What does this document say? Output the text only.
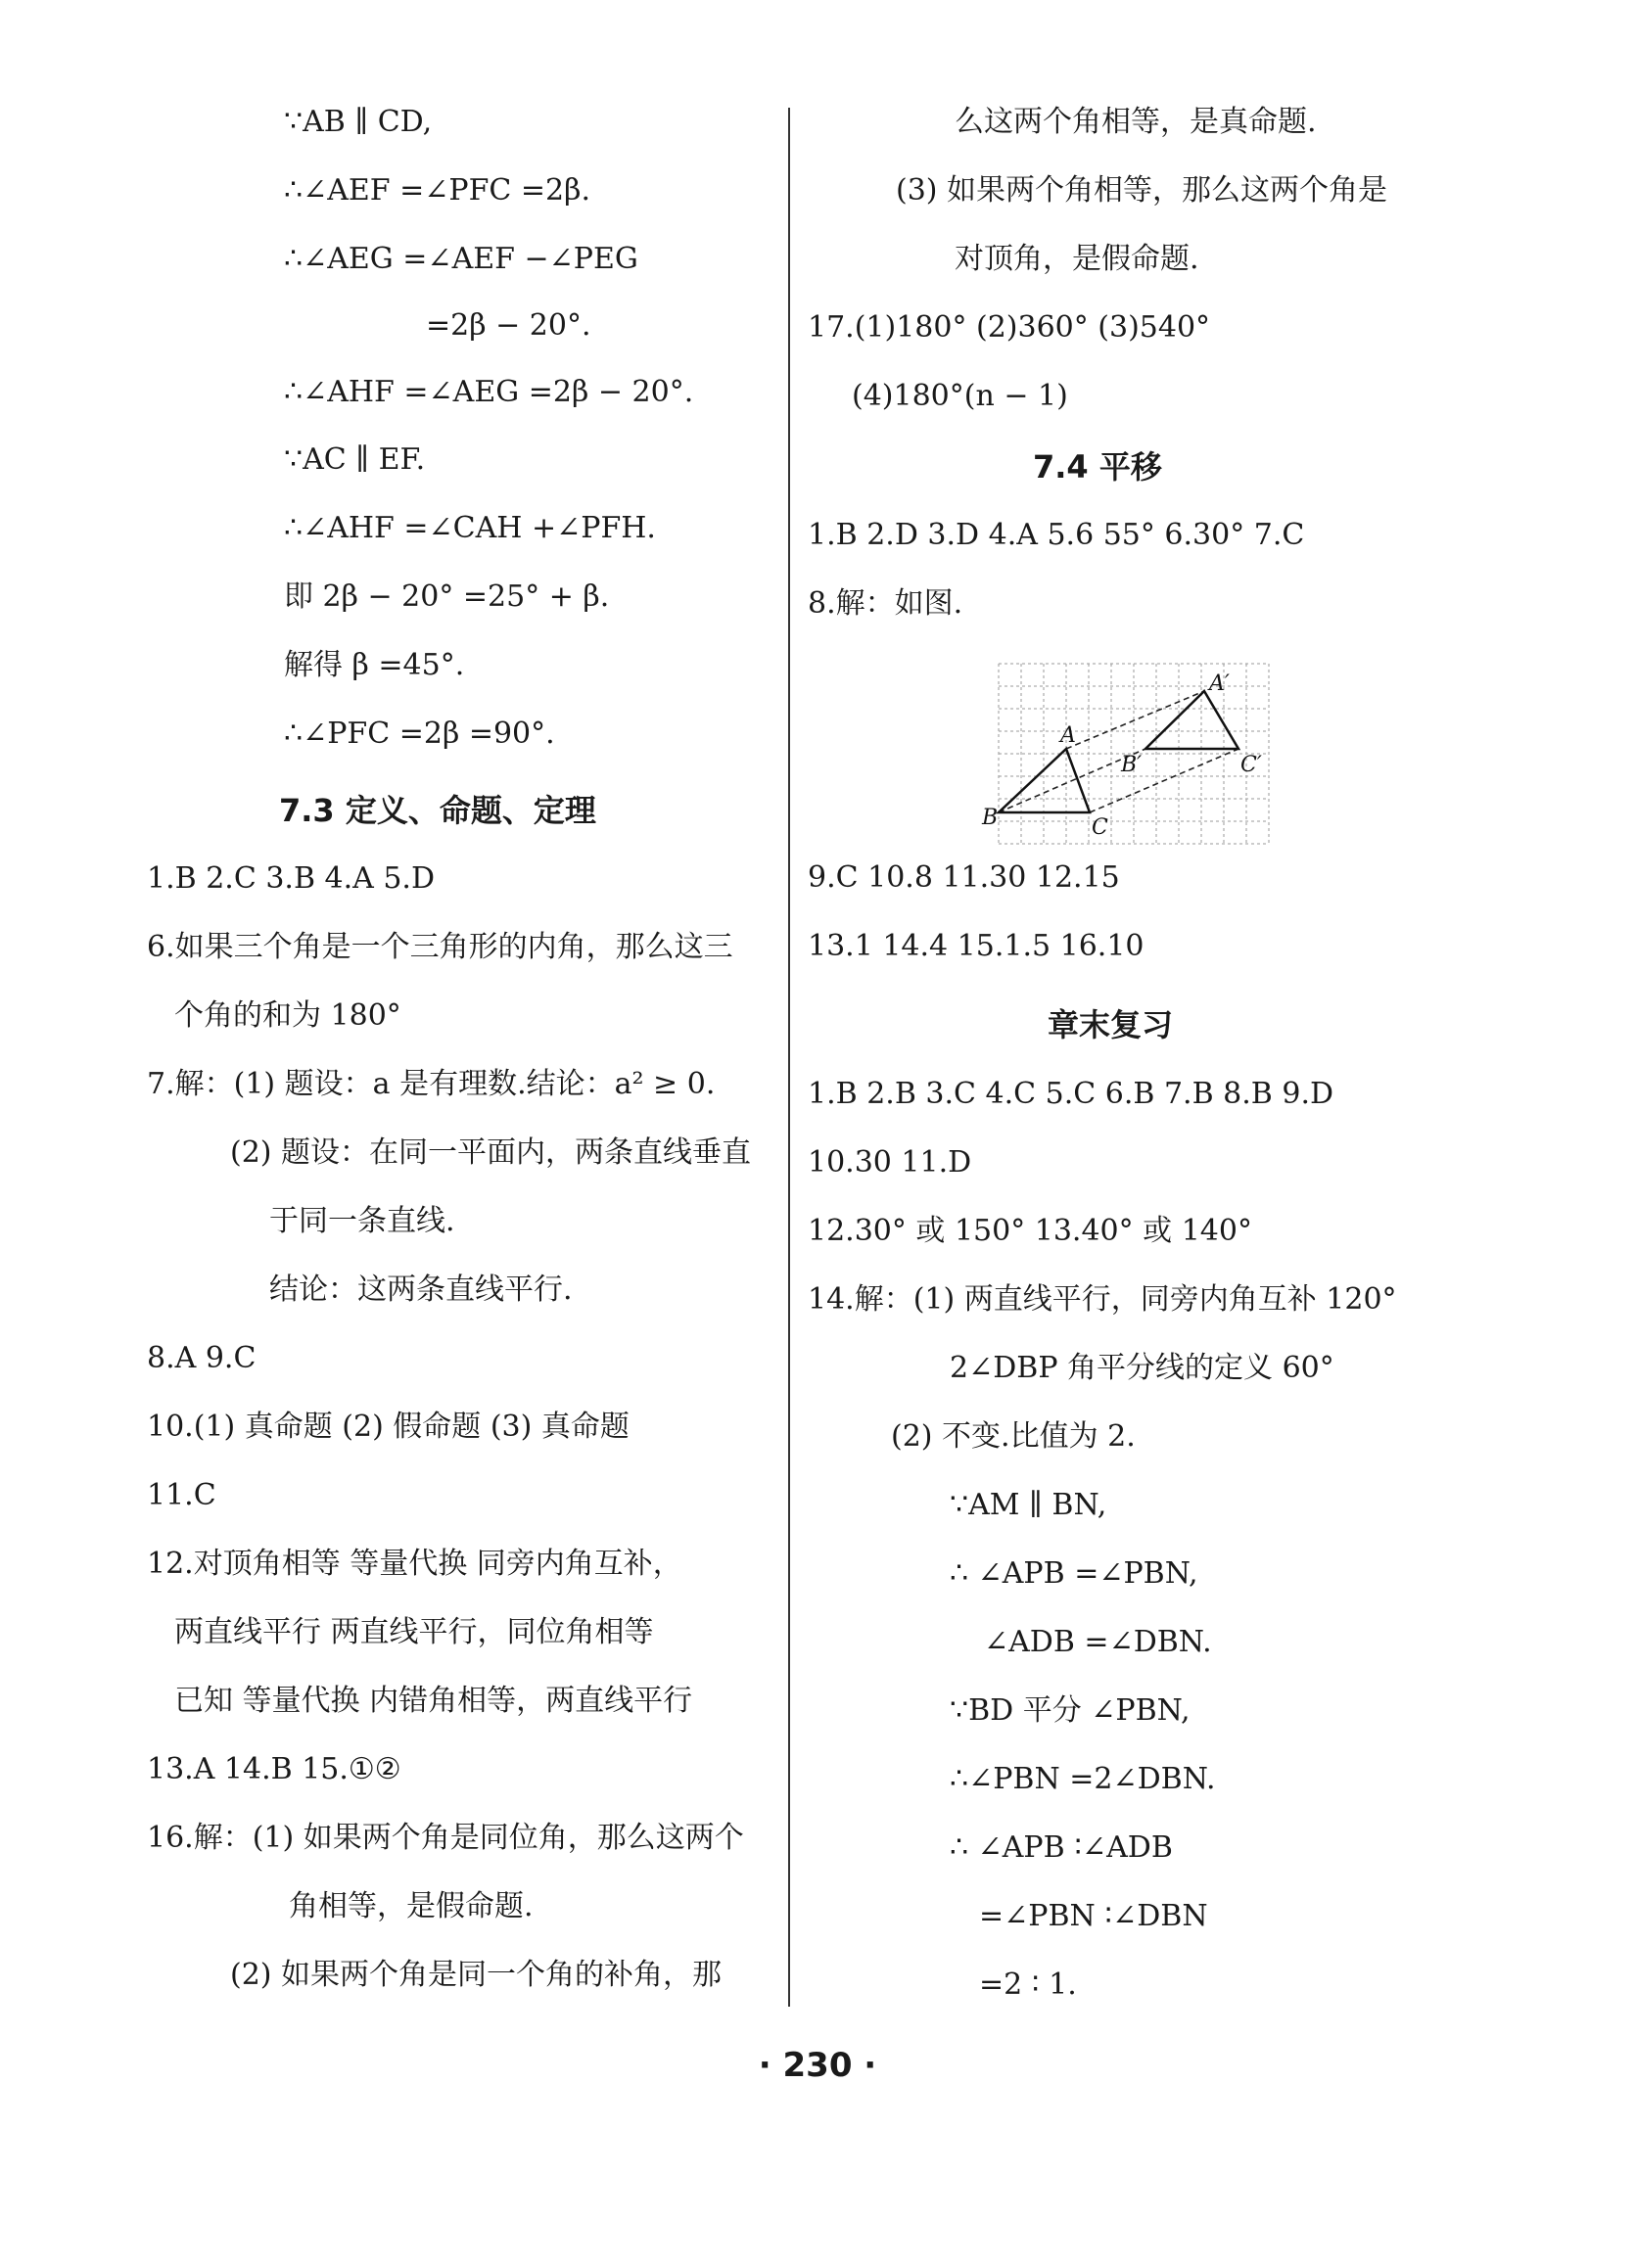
∵AB ∥ CD,
∴∠AEF =∠PFC =2β.
∴∠AEG =∠AEF −∠PEG
=2β − 20°.
∴∠AHF =∠AEG =2β − 20°.
∵AC ∥ EF.
∴∠AHF =∠CAH +∠PFH.
即 2β − 20° =25° + β.
解得 β =45°.
∴∠PFC =2β =90°.
7.3 定义、命题、定理
1.B 2.C 3.B 4.A 5.D
6.如果三个角是一个三角形的内角，那么这三
个角的和为 180°
7.解：(1) 题设：a 是有理数.结论：a² ≥ 0.
(2) 题设：在同一平面内，两条直线垂直
于同一条直线.
结论：这两条直线平行.
8.A 9.C
10.(1) 真命题 (2) 假命题 (3) 真命题
11.C
12.对顶角相等 等量代换 同旁内角互补，
两直线平行 两直线平行，同位角相等
已知 等量代换 内错角相等，两直线平行
13.A 14.B 15.①②
16.解：(1) 如果两个角是同位角，那么这两个
角相等，是假命题.
(2) 如果两个角是同一个角的补角，那
么这两个角相等，是真命题.
(3) 如果两个角相等，那么这两个角是
对顶角，是假命题.
17.(1)180° (2)360° (3)540°
(4)180°(n − 1)
7.4 平移
1.B 2.D 3.D 4.A 5.6 55° 6.30° 7.C
8.解：如图.
9.C 10.8 11.30 12.15
13.1 14.4 15.1.5 16.10
章末复习
1.B 2.B 3.C 4.C 5.C 6.B 7.B 8.B 9.D
10.30 11.D
12.30° 或 150° 13.40° 或 140°
14.解：(1) 两直线平行，同旁内角互补 120°
2∠DBP 角平分线的定义 60°
(2) 不变.比值为 2.
∵AM ∥ BN,
∴ ∠APB =∠PBN,
∠ADB =∠DBN.
∵BD 平分 ∠PBN,
∴∠PBN =2∠DBN.
∴ ∠APB ∶∠ADB
=∠PBN ∶∠DBN
=2 ∶ 1.
A′
A
B′	C′
B	C
· 230 ·
